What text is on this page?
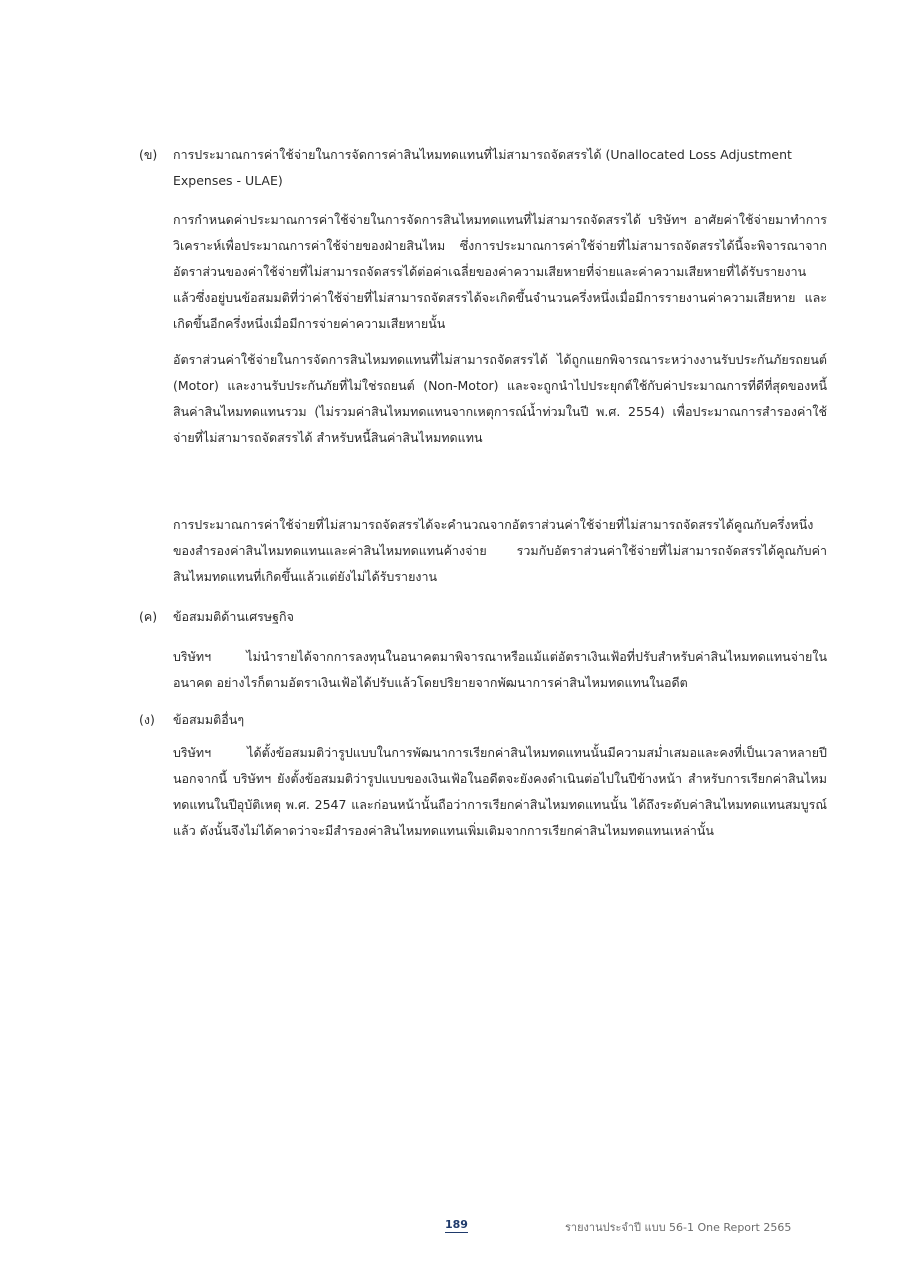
(ข) การประมาณการค่าใช้จ่ายในการจัดการค่าสินไหมทดแทนที่ไม่สามารถจัดสรรได้ (Unallocated Loss Adjustment Expenses - ULAE)
การกำหนดค่าประมาณการค่าใช้จ่ายในการจัดการสินไหมทดแทนที่ไม่สามารถจัดสรรได้ บริษัทฯ อาศัยค่าใช้จ่ายมาทำการวิเคราะห์เพื่อประมาณการค่าใช้จ่ายของฝ่ายสินไหม ซึ่งการประมาณการค่าใช้จ่ายที่ไม่สามารถจัดสรรได้นี้จะพิจารณาจากอัตราส่วนของค่าใช้จ่ายที่ไม่สามารถจัดสรรได้ต่อค่าเฉลี่ยของค่าความเสียหายที่จ่ายและค่าความเสียหายที่ได้รับรายงานแล้วซึ่งอยู่บนข้อสมมติที่ว่าค่าใช้จ่ายที่ไม่สามารถจัดสรรได้จะเกิดขึ้นจำนวนครึ่งหนึ่งเมื่อมีการรายงานค่าความเสียหาย และเกิดขึ้นอีกครึ่งหนึ่งเมื่อมีการจ่ายค่าความเสียหายนั้น
อัตราส่วนค่าใช้จ่ายในการจัดการสินไหมทดแทนที่ไม่สามารถจัดสรรได้ ได้ถูกแยกพิจารณาระหว่างงานรับประกันภัยรถยนต์ (Motor) และงานรับประกันภัยที่ไม่ใช่รถยนต์ (Non-Motor) และจะถูกนำไปประยุกต์ใช้กับค่าประมาณการที่ดีที่สุดของหนี้สินค่าสินไหมทดแทนรวม (ไม่รวมค่าสินไหมทดแทนจากเหตุการณ์น้ำท่วมในปี พ.ศ. 2554) เพื่อประมาณการสำรองค่าใช้จ่ายที่ไม่สามารถจัดสรรได้ สำหรับหนี้สินค่าสินไหมทดแทน
การประมาณการค่าใช้จ่ายที่ไม่สามารถจัดสรรได้จะคำนวณจากอัตราส่วนค่าใช้จ่ายที่ไม่สามารถจัดสรรได้คูณกับครึ่งหนึ่งของสำรองค่าสินไหมทดแทนและค่าสินไหมทดแทนค้างจ่าย รวมกับอัตราส่วนค่าใช้จ่ายที่ไม่สามารถจัดสรรได้คูณกับค่าสินไหมทดแทนที่เกิดขึ้นแล้วแต่ยังไม่ได้รับรายงาน
(ค) ข้อสมมติด้านเศรษฐกิจ
บริษัทฯ ไม่นำรายได้จากการลงทุนในอนาคตมาพิจารณาหรือแม้แต่อัตราเงินเฟ้อที่ปรับสำหรับค่าสินไหมทดแทนจ่ายในอนาคต อย่างไรก็ตามอัตราเงินเฟ้อได้ปรับแล้วโดยปริยายจากพัฒนาการค่าสินไหมทดแทนในอดีต
(ง) ข้อสมมติอื่นๆ
บริษัทฯ ได้ตั้งข้อสมมติว่ารูปแบบในการพัฒนาการเรียกค่าสินไหมทดแทนนั้นมีความสม่ำเสมอและคงที่เป็นเวลาหลายปี นอกจากนี้ บริษัทฯ ยังตั้งข้อสมมติว่ารูปแบบของเงินเฟ้อในอดีตจะยังคงดำเนินต่อไปในปีข้างหน้า สำหรับการเรียกค่าสินไหมทดแทนในปีอุบัติเหตุ พ.ศ. 2547 และก่อนหน้านั้นถือว่าการเรียกค่าสินไหมทดแทนนั้น ได้ถึงระดับค่าสินไหมทดแทนสมบูรณ์แล้ว ดังนั้นจึงไม่ได้คาดว่าจะมีสำรองค่าสินไหมทดแทนเพิ่มเติมจากการเรียกค่าสินไหมทดแทนเหล่านั้น
189	รายงานประจำปี แบบ 56-1 One Report 2565
